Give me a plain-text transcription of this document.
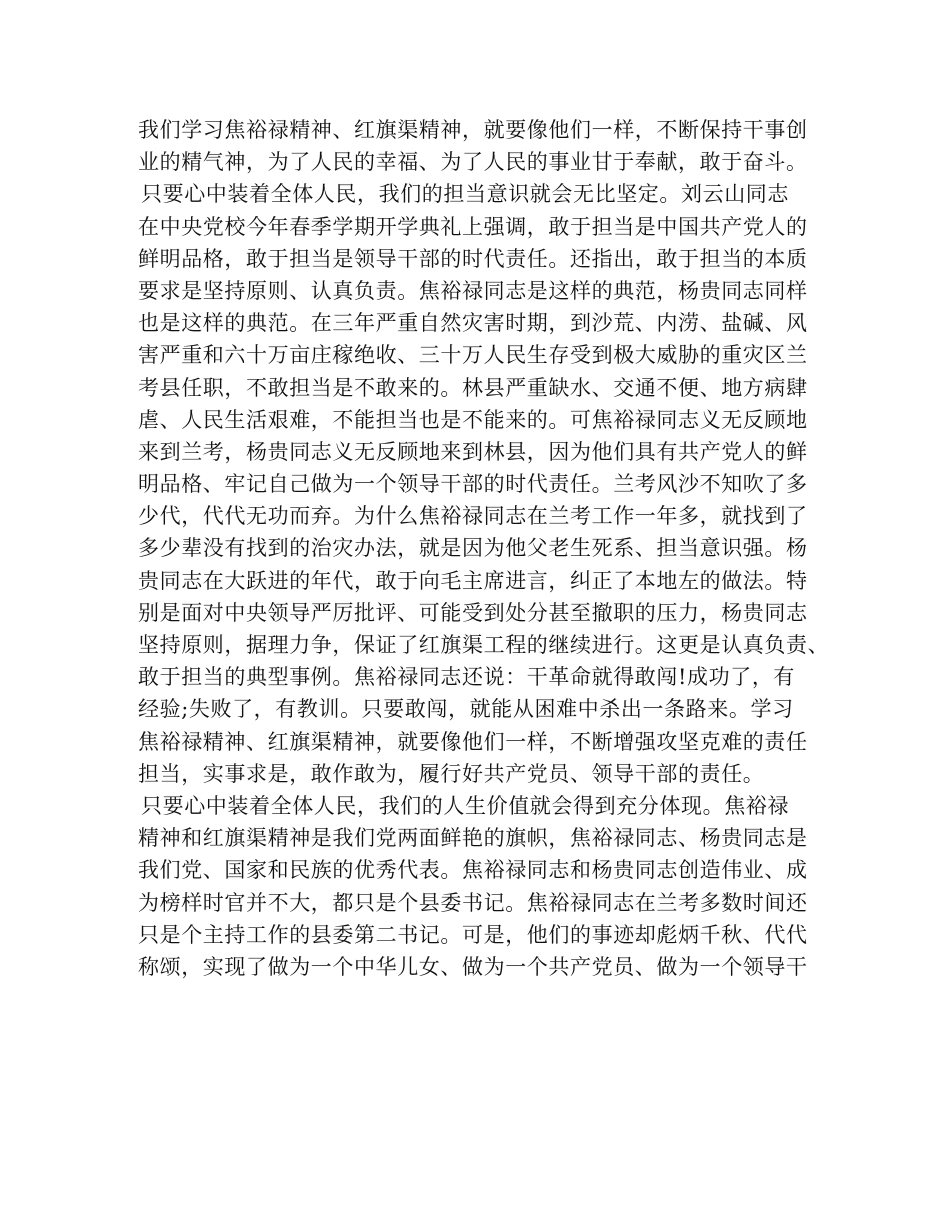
我们学习焦裕禄精神、红旗渠精神，就要像他们一样，不断保持干事创
业的精气神，为了人民的幸福、为了人民的事业甘于奉献，敢于奋斗。
只要心中装着全体人民，我们的担当意识就会无比坚定。刘云山同志
在中央党校今年春季学期开学典礼上强调，敢于担当是中国共产党人的
鲜明品格，敢于担当是领导干部的时代责任。还指出，敢于担当的本质
要求是坚持原则、认真负责。焦裕禄同志是这样的典范，杨贵同志同样
也是这样的典范。在三年严重自然灾害时期，到沙荒、内涝、盐碱、风
害严重和六十万亩庄稼绝收、三十万人民生存受到极大威胁的重灾区兰
考县任职，不敢担当是不敢来的。林县严重缺水、交通不便、地方病肆
虐、人民生活艰难，不能担当也是不能来的。可焦裕禄同志义无反顾地
来到兰考，杨贵同志义无反顾地来到林县，因为他们具有共产党人的鲜
明品格、牢记自己做为一个领导干部的时代责任。兰考风沙不知吹了多
少代，代代无功而弃。为什么焦裕禄同志在兰考工作一年多，就找到了
多少辈没有找到的治灾办法，就是因为他父老生死系、担当意识强。杨
贵同志在大跃进的年代，敢于向毛主席进言，纠正了本地左的做法。特
别是面对中央领导严厉批评、可能受到处分甚至撤职的压力，杨贵同志
坚持原则，据理力争，保证了红旗渠工程的继续进行。这更是认真负责、
敢于担当的典型事例。焦裕禄同志还说：干革命就得敢闯!成功了，有
经验;失败了，有教训。只要敢闯，就能从困难中杀出一条路来。学习
焦裕禄精神、红旗渠精神，就要像他们一样，不断增强攻坚克难的责任
担当，实事求是，敢作敢为，履行好共产党员、领导干部的责任。
只要心中装着全体人民，我们的人生价值就会得到充分体现。焦裕禄
精神和红旗渠精神是我们党两面鲜艳的旗帜，焦裕禄同志、杨贵同志是
我们党、国家和民族的优秀代表。焦裕禄同志和杨贵同志创造伟业、成
为榜样时官并不大，都只是个县委书记。焦裕禄同志在兰考多数时间还
只是个主持工作的县委第二书记。可是，他们的事迹却彪炳千秋、代代
称颂，实现了做为一个中华儿女、做为一个共产党员、做为一个领导干
